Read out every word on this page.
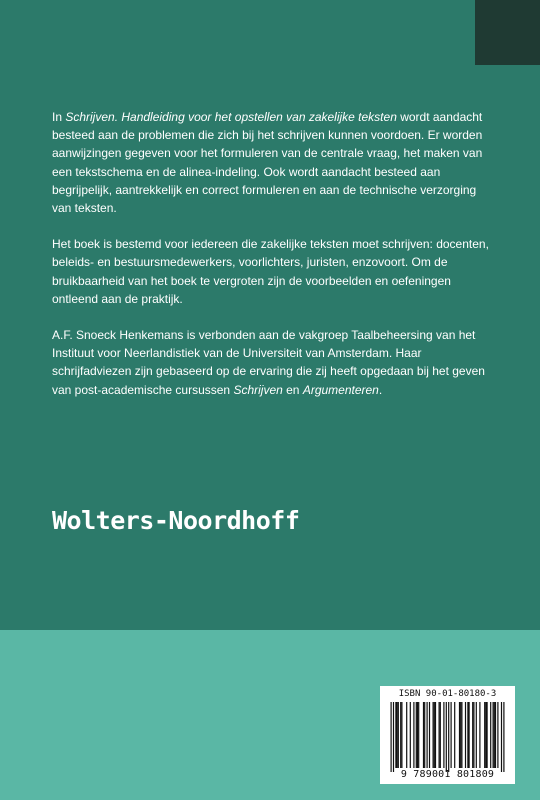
In Schrijven. Handleiding voor het opstellen van zakelijke teksten wordt aandacht besteed aan de problemen die zich bij het schrijven kunnen voordoen. Er worden aanwijzingen gegeven voor het formuleren van de centrale vraag, het maken van een tekstschema en de alinea-indeling. Ook wordt aandacht besteed aan begrijpelijk, aantrekkelijk en correct formuleren en aan de technische verzorging van teksten.

Het boek is bestemd voor iedereen die zakelijke teksten moet schrijven: docenten, beleids- en bestuursmedewerkers, voorlichters, juristen, enzovoort. Om de bruikbaarheid van het boek te vergroten zijn de voorbeelden en oefeningen ontleend aan de praktijk.

A.F. Snoeck Henkemans is verbonden aan de vakgroep Taalbeheersing van het Instituut voor Neerlandistiek van de Universiteit van Amsterdam. Haar schrijfadviezen zijn gebaseerd op de ervaring die zij heeft opgedaan bij het geven van post-academische cursussen Schrijven en Argumenteren.

Wolters-Noordhoff
ISBN 90-01-80180-3
9 789001 801809
